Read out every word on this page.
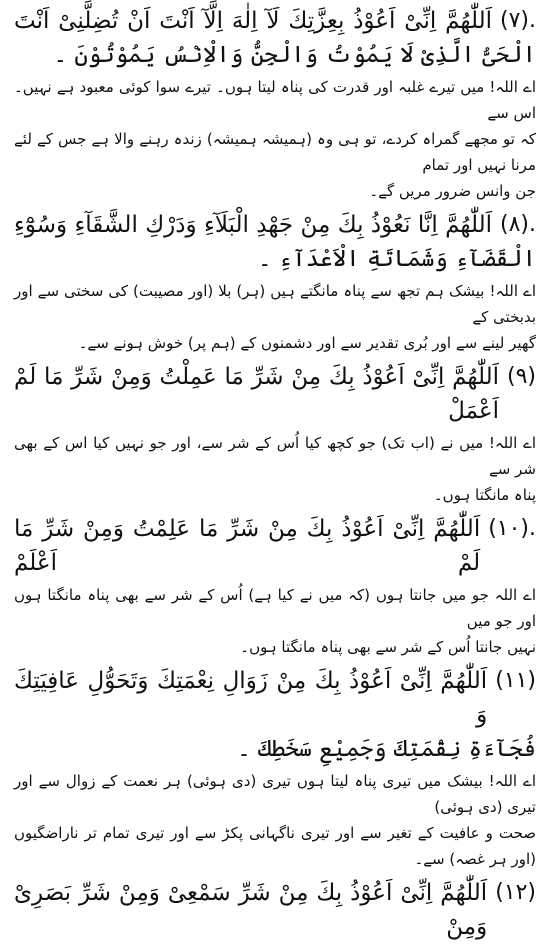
(۷).
اَللّٰهُمَّ اِنِّیْ اَعُوْذُ بِعِزَّتِكَ لَآ اِلٰهَ اِلَّآ اَنْتَ اَنْ تُضِلَّنِیْ اَنْتَ
الْحَیُّ الَّذِیْ لَا یَمُوْتُ وَالْجِنُّ وَالْاِنْسُ یَمُوْتُوْنَ ۔
اے اللہ! میں تیرے غلبہ اور قدرت کی پناہ لیتا ہوں۔ تیرے سوا کوئی معبود ہے نہیں۔ اس سے
کہ تو مجھے گمراہ کردے، تو ہی وہ (ہمیشہ ہمیشہ) زندہ رہنے والا ہے جس کے لئے مرنا نہیں اور تمام
جن وانس ضرور مریں گے۔
(۸).
اَللّٰهُمَّ اِنَّا نَعُوْذُ بِكَ مِنْ جَهْدِ الْبَلَآءِ وَدَرْكِ الشَّقَآءِ وَسُوْٓءِ
الْقَضَآءِ وَشَمَاتَةِ الْاَعْدَآءِ ۔
اے اللہ! بیشک ہم تجھ سے پناہ مانگتے ہیں (ہر) بلا (اور مصیبت) کی سختی سے اور بدبختی کے
گھیر لینے سے اور بُری تقدیر سے اور دشمنوں کے (ہم پر) خوش ہونے سے۔
(۹)
اَللّٰهُمَّ اِنِّیْ اَعُوْذُ بِكَ مِنْ شَرِّ مَا عَمِلْتُ وَمِنْ شَرِّ مَا لَمْ اَعْمَلْ
اے اللہ! میں نے (اب تک) جو کچھ کیا اُس کے شر سے، اور جو نہیں کیا اس کے بھی شر سے
پناہ مانگتا ہوں۔
(۱۰).
اَللّٰهُمَّ اِنِّیْ اَعُوْذُ بِكَ مِنْ شَرِّ مَا عَلِمْتُ وَمِنْ شَرِّ مَا لَمْ اَعْلَمْ
اے اللہ جو میں جانتا ہوں (کہ میں نے کیا ہے) اُس کے شر سے بھی پناہ مانگتا ہوں اور جو میں
نہیں جانتا اُس کے شر سے بھی پناہ مانگتا ہوں۔
(۱۱)
اَللّٰهُمَّ اِنِّیْ اَعُوْذُ بِكَ مِنْ زَوَالِ نِعْمَتِكَ وَتَحَوُّلِ عَافِیَتِكَ وَ
فُجَآءَةِ نِقْمَتِكَ وَجَمِیْعِ سَخَطِكَ ۔
اے اللہ! بیشک میں تیری پناہ لیتا ہوں تیری (دی ہوئی) ہر نعمت کے زوال سے اور تیری (دی ہوئی)
صحت و عافیت کے تغیر سے اور تیری ناگہانی پکڑ سے اور تیری تمام تر ناراضگیوں (اور ہر غصہ) سے۔
(۱۲)
اَللّٰهُمَّ اِنِّیْ اَعُوْذُ بِكَ مِنْ شَرِّ سَمْعِیْ وَمِنْ شَرِّ بَصَرِیْ وَمِنْ
